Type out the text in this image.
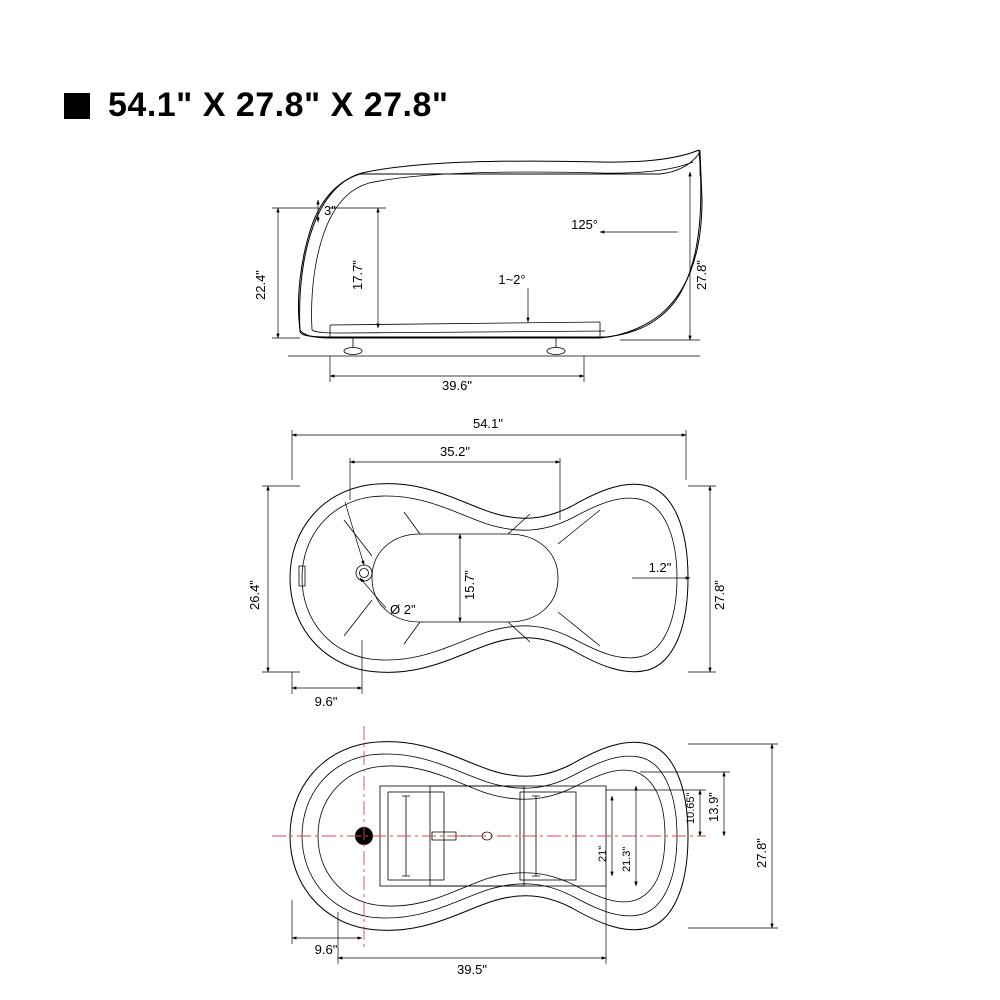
54.1" X 27.8" X 27.8"
3"
17.7"
22.4"	27.8"
125°
1~2°
39.6"
54.1"
35.2"
15.7"
26.4"	27.8"
1.2"
9.6"
Ø 2"
10.65" 13.9"
21" 21.3"	27.8"
9.6"
39.5"
